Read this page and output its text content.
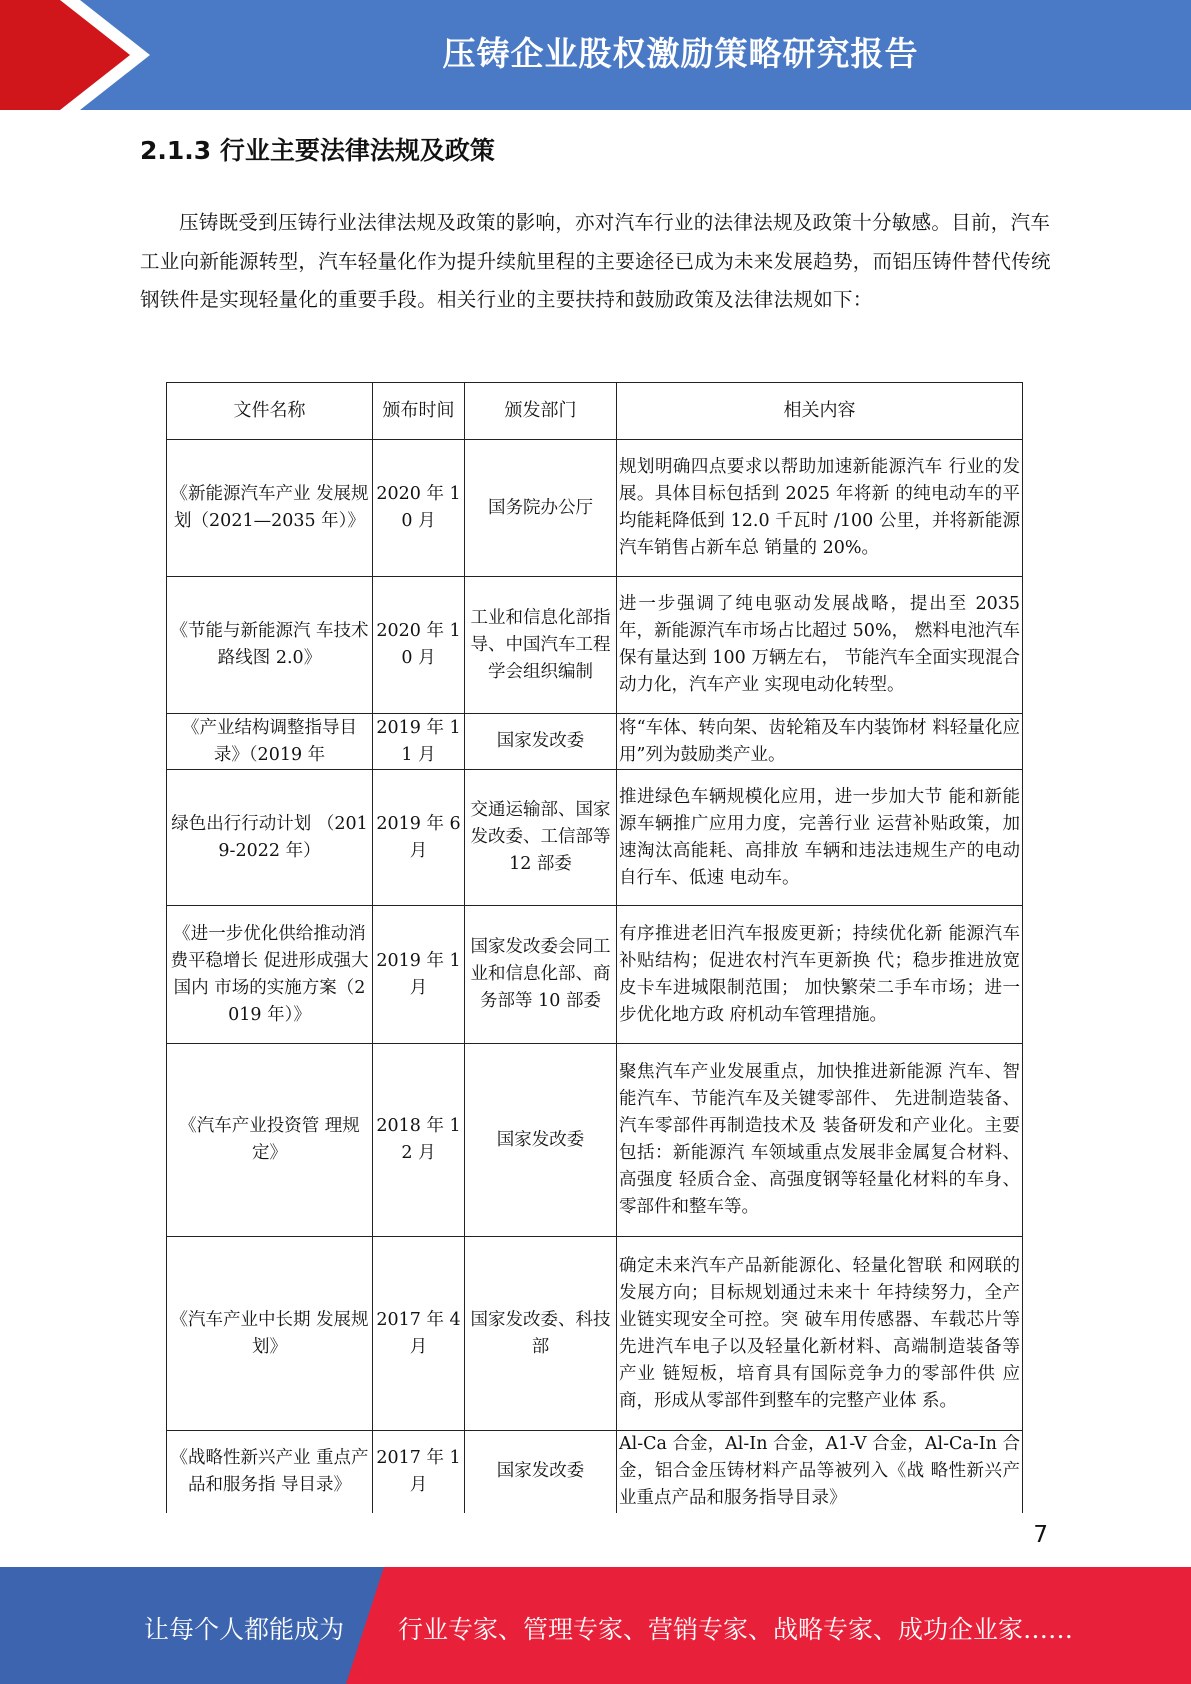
压铸企业股权激励策略研究报告
2.1.3 行业主要法律法规及政策

压铸既受到压铸行业法律法规及政策的影响，亦对汽车行业的法律法规及政策十分敏感。目前，汽车工业向新能源转型，汽车轻量化作为提升续航里程的主要途径已成为未来发展趋势，而铝压铸件替代传统钢铁件是实现轻量化的重要手段。相关行业的主要扶持和鼓励政策及法律法规如下：

文件名称	颁布时间	颁发部门	相关内容
《新能源汽车产业 发展规划（2021—2035 年）》	2020 年 10 月	国务院办公厅	规划明确四点要求以帮助加速新能源汽车 行业的发展。具体目标包括到 2025 年将新 的纯电动车的平均能耗降低到 12.0 千瓦时 /100 公里，并将新能源汽车销售占新车总 销量的 20%。
《节能与新能源汽 车技术路线图 2.0》	2020 年 10 月	工业和信息化部指导、中国汽车工程学会组织编制	进一步强调了纯电驱动发展战略，提出至 2035 年，新能源汽车市场占比超过 50%， 燃料电池汽车保有量达到 100 万辆左右， 节能汽车全面实现混合动力化，汽车产业 实现电动化转型。
《产业结构调整指导目录》（2019 年	2019 年 11 月	国家发改委	将“车体、转向架、齿轮箱及车内装饰材 料轻量化应用”列为鼓励类产业。
绿色出行行动计划 （2019-2022 年）	2019 年 6 月	交通运输部、国家发改委、工信部等 12 部委	推进绿色车辆规模化应用，进一步加大节 能和新能源车辆推广应用力度，完善行业 运营补贴政策，加速淘汰高能耗、高排放 车辆和违法违规生产的电动自行车、低速 电动车。
《进一步优化供给推动消费平稳增长 促进形成强大国内 市场的实施方案（2019 年）》	2019 年 1 月	国家发改委会同工业和信息化部、商务部等 10 部委	有序推进老旧汽车报废更新；持续优化新 能源汽车补贴结构；促进农村汽车更新换 代；稳步推进放宽皮卡车进城限制范围； 加快繁荣二手车市场；进一步优化地方政 府机动车管理措施。
《汽车产业投资管 理规定》	2018 年 12 月	国家发改委	聚焦汽车产业发展重点，加快推进新能源 汽车、智能汽车、节能汽车及关键零部件、 先进制造装备、汽车零部件再制造技术及 装备研发和产业化。主要包括：新能源汽 车领域重点发展非金属复合材料、高强度 轻质合金、高强度钢等轻量化材料的车身、 零部件和整车等。
《汽车产业中长期 发展规划》	2017 年 4 月	国家发改委、科技部	确定未来汽车产品新能源化、轻量化智联 和网联的发展方向；目标规划通过未来十 年持续努力，全产业链实现安全可控。突 破车用传感器、车载芯片等先进汽车电子以及轻量化新材料、高端制造装备等产业 链短板，培育具有国际竞争力的零部件供 应商，形成从零部件到整车的完整产业体 系。
《战略性新兴产业 重点产品和服务指 导目录》	2017 年 1 月	国家发改委	Al-Ca 合金，Al-In 合金，A1-V 合金，Al-Ca-In 合金，铝合金压铸材料产品等被列入《战 略性新兴产业重点产品和服务指导目录》
7
让每个人都能成为 行业专家、管理专家、营销专家、战略专家、成功企业家……
